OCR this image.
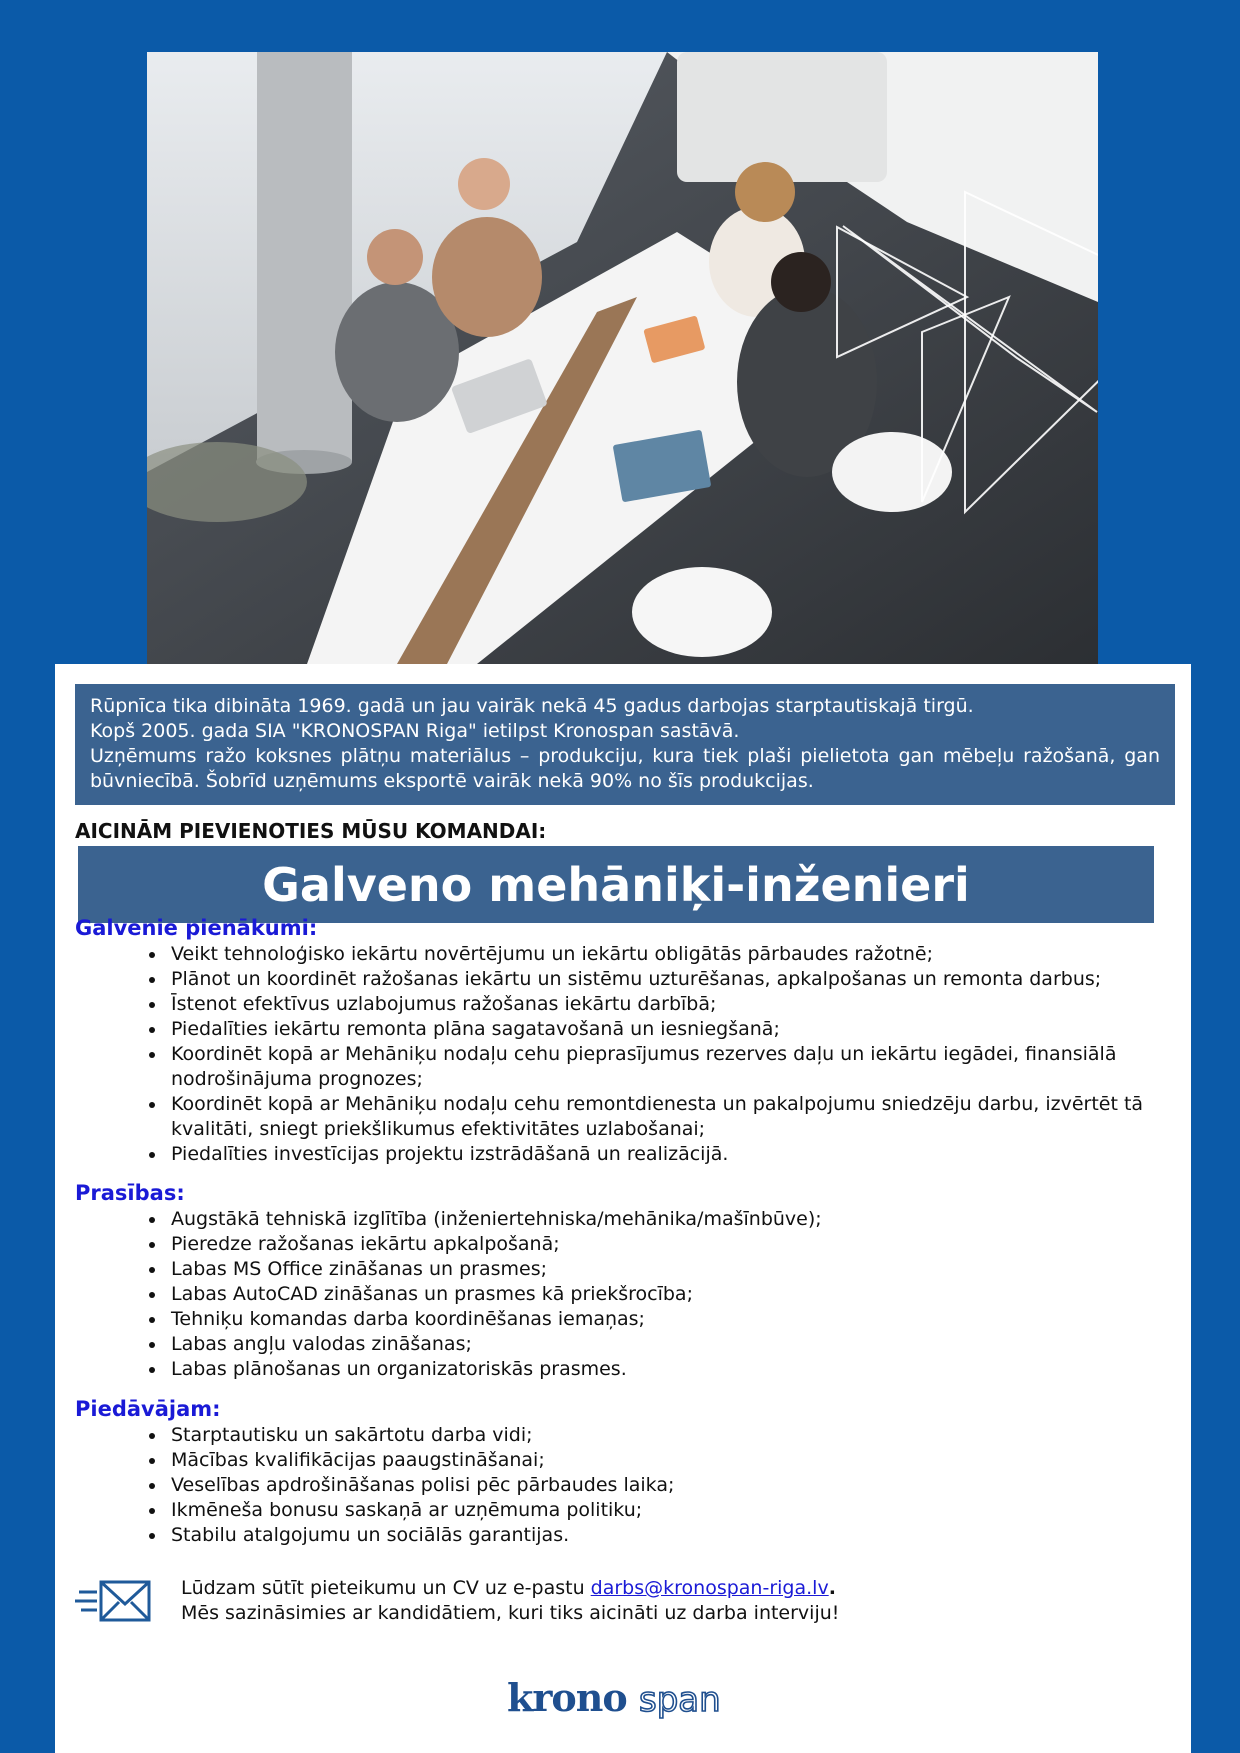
Rūpnīca tika dibināta 1969. gadā un jau vairāk nekā 45 gadus darbojas starptautiskajā tirgū.

Kopš 2005. gada SIA "KRONOSPAN Riga" ietilpst Kronospan sastāvā.

Uzņēmums ražo koksnes plātņu materiālus – produkciju, kura tiek plaši pielietota gan mēbeļu ražošanā, gan būvniecībā. Šobrīd uzņēmums eksportē vairāk nekā 90% no šīs produkcijas.

AICINĀM PIEVIENOTIES MŪSU KOMANDAI:
Galveno mehāniķi-inženieri
Galvenie pienākumi:
• Veikt tehnoloģisko iekārtu novērtējumu un iekārtu obligātās pārbaudes ražotnē;
• Plānot un koordinēt ražošanas iekārtu un sistēmu uzturēšanas, apkalpošanas un remonta darbus;
• Īstenot efektīvus uzlabojumus ražošanas iekārtu darbībā;
• Piedalīties iekārtu remonta plāna sagatavošanā un iesniegšanā;
• Koordinēt kopā ar Mehāniķu nodaļu cehu pieprasījumus rezerves daļu un iekārtu iegādei, finansiālā nodrošinājuma prognozes;
• Koordinēt kopā ar Mehāniķu nodaļu cehu remontdienesta un pakalpojumu sniedzēju darbu, izvērtēt tā kvalitāti, sniegt priekšlikumus efektivitātes uzlabošanai;
• Piedalīties investīcijas projektu izstrādāšanā un realizācijā.
Prasības:
• Augstākā tehniskā izglītība (inženiertehniska/mehānika/mašīnbūve);
• Pieredze ražošanas iekārtu apkalpošanā;
• Labas MS Office zināšanas un prasmes;
• Labas AutoCAD zināšanas un prasmes kā priekšrocība;
• Tehniķu komandas darba koordinēšanas iemaņas;
• Labas angļu valodas zināšanas;
• Labas plānošanas un organizatoriskās prasmes.
Piedāvājam:
• Starptautisku un sakārtotu darba vidi;
• Mācības kvalifikācijas paaugstināšanai;
• Veselības apdrošināšanas polisi pēc pārbaudes laika;
• Ikmēneša bonusu saskaņā ar uzņēmuma politiku;
• Stabilu atalgojumu un sociālās garantijas.
Lūdzam sūtīt pieteikumu un CV uz e-pastu darbs@kronospan-riga.lv.
Mēs sazināsimies ar kandidātiem, kuri tiks aicināti uz darba interviju!
krono span
